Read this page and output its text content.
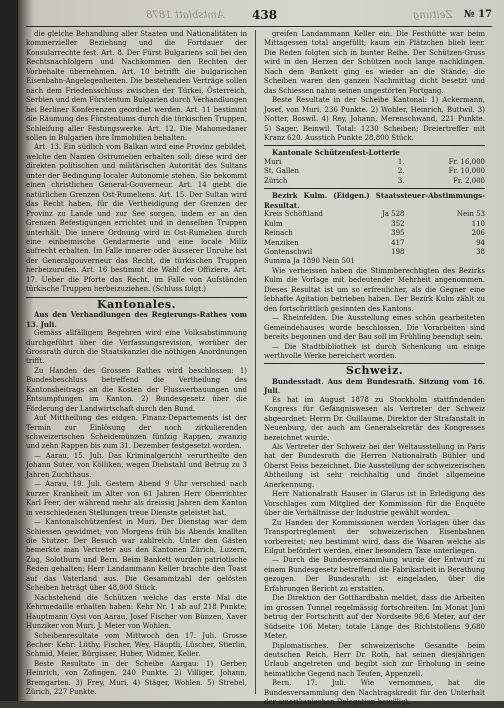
Amtsblatt 1878 438	Zeitung № 17

die gleiche Behandlung aller Staaten und Nationalitäten in kommerzieller Beziehung und die Fortdauer der Konsularrechte fest. Art. 8. Der Fürst Bulgariens soll bei den Rechtsnachfolgern und Nachkommen den Rechten der Vorbehalte übernehmen. Art. 10 betrifft die bulgarischen Eisenbahn-Angelegenheiten. Die bestehenden Verträge sollen nach dem Friedensschluss zwischen der Türkei, Österreich, Serbien und dem Fürstentum Bulgarien durch Verhandlungen bei Berliner Konferenzen geordnet werden. Art. 11 bestimmt die Räumung des Fürstentums durch die türkischen Truppen, Schleifung aller Festungswerke. Art. 12. Die Mahomedaner sollen in Bulgarien ihre Immobilien behalten.

Art. 13. Ein südlich vom Balkan wird eine Provinz gebildet, welche den Namen Ostrumelien erhalten soll; diese wird der direkten politischen und militärischen Autorität des Sultans unter der Bedingung localer Autonomie stehen. Sie bekommt einen christlichen General-Gouverneur. Art. 14 giebt die natürlichen Grenzen Ost-Rumeliens. Art. 15. Der Sultan wird das Recht haben, für die Vertheidigung der Grenzen der Provinz zu Lande und zur See sorgen, indem er an den Grenzen Befestigungen errichtet und in denselben Truppen unterhält. Die innere Ordnung wird in Ost-Rumelien durch eine einheimische Gendarmerie und eine locale Miliz aufrecht erhalten. Im Falle innerer oder äusserer Unruhe hat der Generalgouverneur das Recht, die türkischen Truppen herbeizurufen. Art. 16 bestimmt die Wahl der Offiziere. Art. 17. Ueber die Pforte das Recht, im Falle von Aufständen türkische Truppen herbeizuziehen. (Schluss folgt.)

Kantonales.

Aus den Verhandlungen des Regierungs-Rathes vom 13. Juli.

Gemäss allfälligem Begehren wird eine Volksabstimmung durchgeführt über die Verfassungsrevision, worüber der Grossrath durch die Staatskanzlei die nöthigen Anordnungen trifft.

Zu Handen des Grossen Rathes wird beschlossen: 1) Bundesbeschluss betreffend die Vertheilung des Kantonsbeitrags an die Kosten der Flussverbauungen und Entsumpfungen im Kanton. 2) Bundesgesetz über die Förderung der Landwirtschaft durch den Bund.

Auf Mittheilung des eidgen. Finanz-Departements ist der Termin zur Einlösung der noch zirkulierenden schweizerischen Scheidemünzen fünfzig Rappen, zwanzig und zehn Rappen bis zum 31. Dezember festgesetzt worden.

— Aarau, 15. Juli. Das Kriminalgericht verurtheilte den Johann Suter, von Kölliken, wegen Diebstahl und Betrug zu 3 Jahren Zuchthaus.

— Aarau, 19. Juli. Gestern Abend 9 Uhr verschied nach kurzer Krankheit im Alter von 61 Jahren Herr Oberrichter Karl Feer, der während mehr als dreissig Jahren dem Kanton in verschiedenen Stellungen treue Dienste geleistet hat.

— Kantonalschützenfest in Muri. Der Dienstag war dem Schiessen gewidmet; von Morgens früh bis Abends knallten die Stutzer. Der Besuch war zahlreich. Unter den Gästen bemerkte man Vertreter aus den Kantonen Zürich, Luzern, Zug, Solothurn und Bern. Beim Bankett wurden patriotische Reden gehalten; Herr Landammann Keller brachte den Toast auf das Vaterland aus. Die Gesammtzahl der gelösten Scheiben beträgt über 48,000 Stück.

Nachstehend die Schützen welche das erste Mal die Kehrmedaille erhalten haben: Kehr Nr. 1 ab auf 218 Punkte; Hauptmann Gysi von Aarau, Josef Fischer von Bünzen, Xaver Hunziker von Muri, J. Meier von Wohlen.

Scheibenresultate vom Mittwoch den 17. Juli. Grosse Becher: Kehr: Lüthy, Fischer, Wey, Häuptli, Lüscher, Stierlin, Schmid, Meier, Bürgisser, Huber, Widmer, Keller.

Beste Resultate in der Scheibe Aargau: 1) Gerber, Heinrich, von Zofingen, 240 Punkte. 2) Villiger, Johann, Bremgarten. 3) Frey, Muri. 4) Stäger, Wohlen. 5) Strebel, Zürich, 227 Punkte.

greifen Landammann Keller ein. Die Festhütte war beim Mittagessen total angefüllt; kaum ein Plätzchen blieb leer. Die Reden folgten sich in bunter Reihe. Der Schützen-Gruss wird in den Herzen der Schützen noch lange nachklingen. Nach dem Bankett ging es wieder an die Stände; die Scheiben waren den ganzen Nachmittag dicht besetzt und das Schiessen nahm seinen ungestörten Fortgang.

Beste Resultate in der Scheibe Kantonal: 1) Ackermann, Josef, von Muri, 236 Punkte. 2) Wohler, Heinrich, Buttwil. 3) Notter, Boswil. 4) Rey, Johann, Merenschwand, 221 Punkte. 5) Sager, Beinwil. Total: 1230 Scheiben; Dreiertreffer mit Kranz 620. Ausstich Punkte 28,800 Stück.

Kantonale Schützenfest-Lotterie

Muri	1.	Fr. 16,000
St. Gallen	2.	Fr. 10,000
Zürich	3.	Fr. 2,000

Bezirk Kulm. (Eidgen.) Staatssteuer-Abstimmungs-Resultat.

Kreis Schöftland	Ja 528	Nein 53
Kulm	352	110
Reinach	395	206
Menziken	417	94
Gontenschwil	198	38
Summa Ja 1890 Nein 501

Wie verheissen haben die Stimmberechtigten des Bezirks Kulm die Vorlage mit bedeutender Mehrheit angenommen. Dieses Resultat ist um so erfreulicher, als die Gegner eine lebhafte Agitation betrieben haben. Der Bezirk Kulm zählt zu den fortschrittlich gesinnten des Kantons.

— Rheinfelden. Die Ausstellung eines schön gearbeiteten Gemeindehauses wurde beschlossen. Die Vorarbeiten sind bereits begonnen und der Bau soll im Frühling beendigt sein.

— Die Stadtbibliothek ist durch Schenkung um einige werthvolle Werke bereichert worden.

Schweiz.

Bundesstadt. Aus dem Bundesrath. Sitzung vom 16. Juli.

Es hat im August 1878 zu Stockholm stattfindenden Kongress für Gefängniswesen als Vertreter der Schweiz abgeordnet: Herrn Dr. Guillaume, Direktor der Strafanstalt in Neuenburg, der auch am Generalsekretär des Kongresses bezeichnet wurde.

Als Vertreter der Schweiz bei der Weltausstellung in Paris hat der Bundesrath die Herren Nationalrath Bühler und Oberst Feiss bezeichnet. Die Ausstellung der schweizerischen Abtheilung ist sehr reichhaltig und findet allgemeine Anerkennung.

Herr Nationalrath Hauser in Glarus ist in Erledigung des Vorschlages zum Mitglied der Kommission für die Enquête über die Verhältnisse der Industrie gewählt worden.

Zu Handen der Kommissionen werden Vorlagen über das Transportreglement der schweizerischen Eisenbahnen vorbereitet; neu bestimmt wird, dass die Waaren welche als Eilgut befördert werden, einer besondern Taxe unterliegen.

— Durch die Bundesversammlung wurde der Entwurf zu einem Bundesgesetz betreffend die Fabrikarbeit in Berathung gezogen. Der Bundesrath ist eingeladen, über die Erfahrungen Bericht zu erstatten.

Die Direktion der Gotthardbahn meldet, dass die Arbeiten im grossen Tunnel regelmässig fortschreiten. Im Monat Juni betrug der Fortschritt auf der Nordseite 98,6 Meter, auf der Südseite 106 Meter; totale Länge des Richtstollens 9,680 Meter.

Diplomatisches. Der schweizerische Gesandte beim deutschen Reich, Herr Dr. Roth, hat seinen diesjährigen Urlaub angetreten und begibt sich zur Erholung in seine heimatliche Gegend nach Teufen, Appenzell.

Bern, 17. Juli. Wie vernommen, hat die Bundesversammlung den Nachtragskredit für den Unterhalt der amerikanischen Delegation bewilligt.
